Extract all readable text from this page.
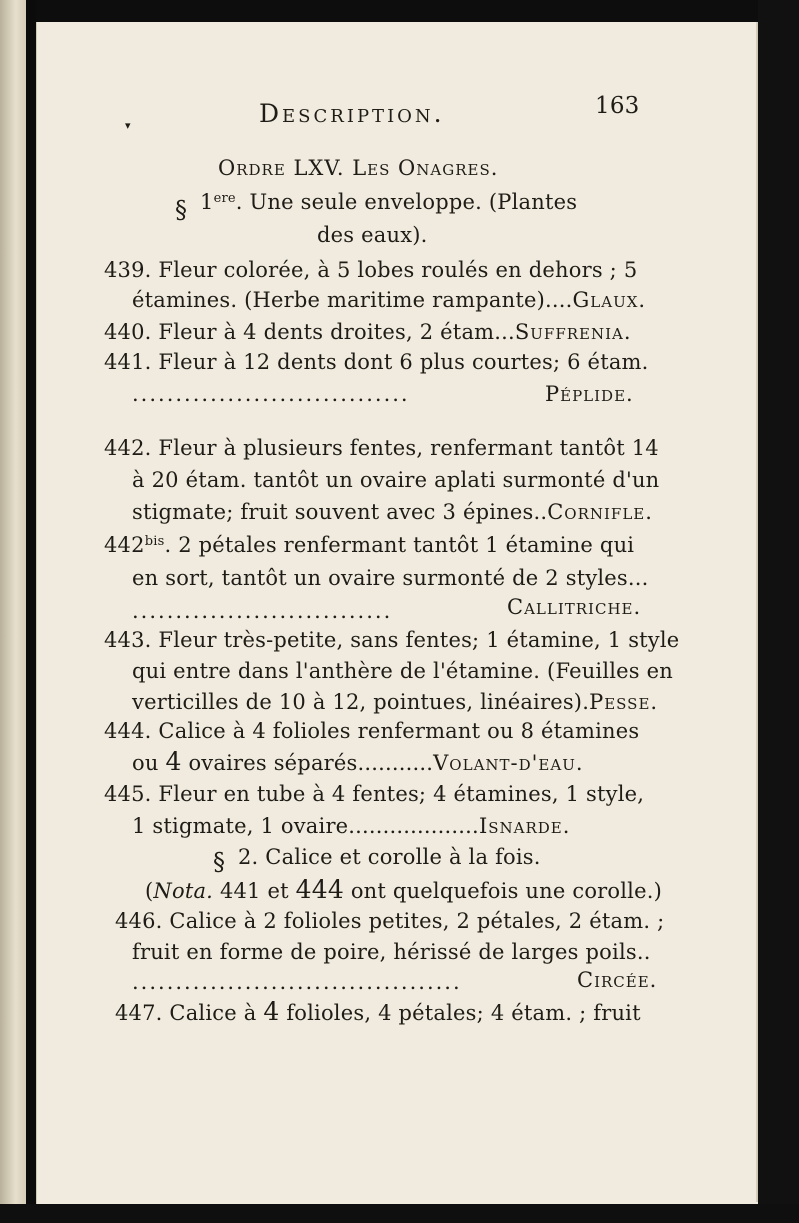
▾	Description.	163
Ordre LXV. Les Onagres.
§ 1ere. Une seule enveloppe. (Plantes
des eaux).
439. Fleur colorée, à 5 lobes roulés en dehors ; 5
étamines. (Herbe maritime rampante)....Glaux.
440. Fleur à 4 dents droites, 2 étam...Suffrenia.
441. Fleur à 12 dents dont 6 plus courtes; 6 étam.
................................	Péplide.
442. Fleur à plusieurs fentes, renfermant tantôt 14
à 20 étam. tantôt un ovaire aplati surmonté d'un
stigmate; fruit souvent avec 3 épines..Cornifle.
$442^{bis}$. 2 pétales renfermant tantôt 1 étamine qui
en sort, tantôt un ovaire surmonté de 2 styles...
..............................	Callitriche.
443. Fleur très-petite, sans fentes; 1 étamine, 1 style
qui entre dans l'anthère de l'étamine. (Feuilles en
verticilles de 10 à 12, pointues, linéaires).Pesse.
444. Calice à 4 folioles renfermant ou 8 étamines
ou 4 ovaires séparés...........Volant-d'eau.
445. Fleur en tube à 4 fentes; 4 étamines, 1 style,
1 stigmate, 1 ovaire...................Isnarde.
§ 2. Calice et corolle à la fois.
(Nota. 441 et 444 ont quelquefois une corolle.)
446. Calice à 2 folioles petites, 2 pétales, 2 étam. ;
fruit en forme de poire, hérissé de larges poils..
......................................	Circée.
447. Calice à 4 folioles, 4 pétales; 4 étam. ; fruit
